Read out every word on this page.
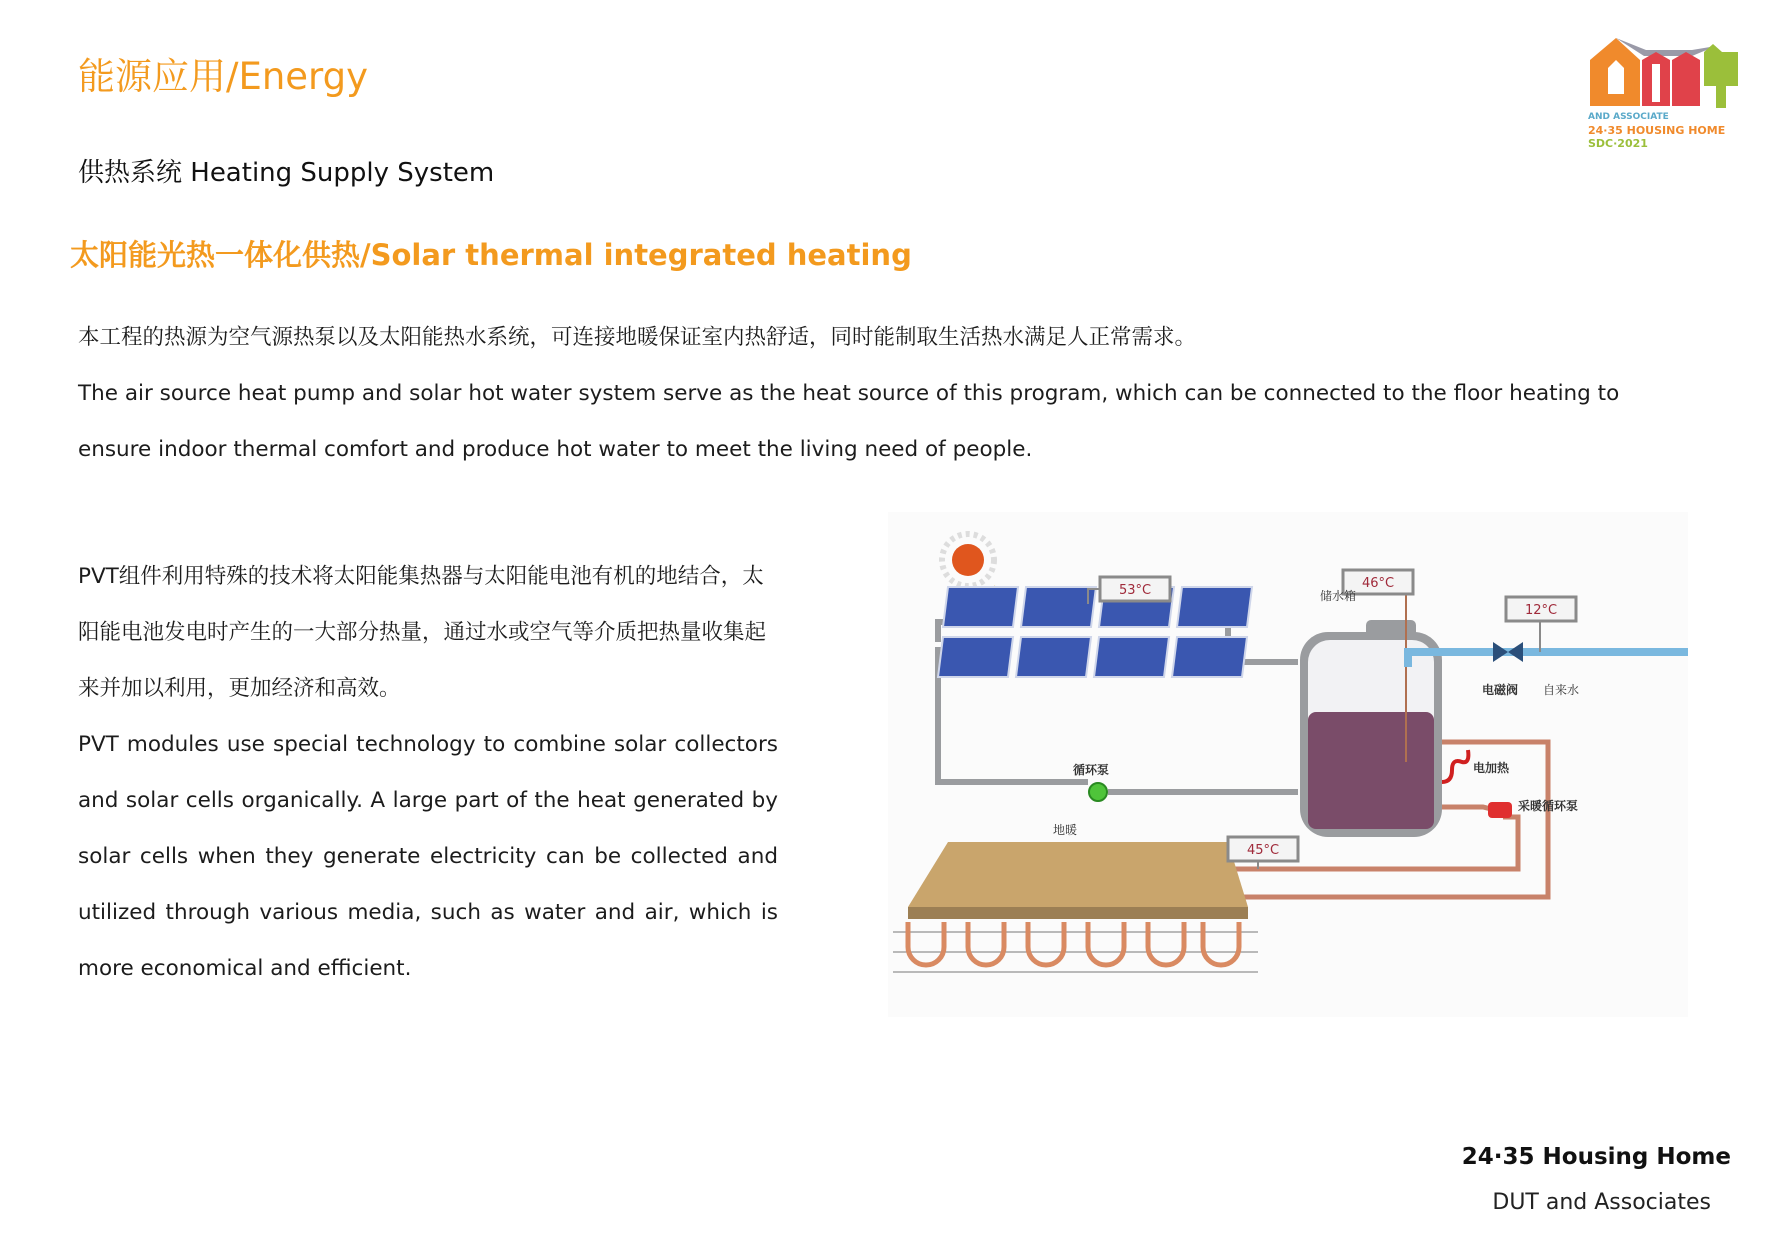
能源应用/Energy
供热系统 Heating Supply System
太阳能光热一体化供热/Solar thermal integrated heating
AND ASSOCIATE
24·35 HOUSING HOME
SDC·2021
本工程的热源为空气源热泵以及太阳能热水系统，可连接地暖保证室内热舒适，同时能制取生活热水满足人正常需求。
The air source heat pump and solar hot water system serve as the heat source of this program, which can be connected to the floor heating to ensure indoor thermal comfort and produce hot water to meet the living need of people.
PVT组件利用特殊的技术将太阳能集热器与太阳能电池有机的地结合，太阳能电池发电时产生的一大部分热量，通过水或空气等介质把热量收集起来并加以利用，更加经济和高效。
PVT modules use special technology to combine solar collectors and solar cells organically. A large part of the heat generated by solar cells when they generate electricity can be collected and utilized through various media, such as water and air, which is more economical and efficient.
53°C	46°C
12°C
45°C
储水箱
电磁阀 自来水
循环泵	电加热
采暖循环泵
地暖
24·35 Housing Home
DUT and Associates
